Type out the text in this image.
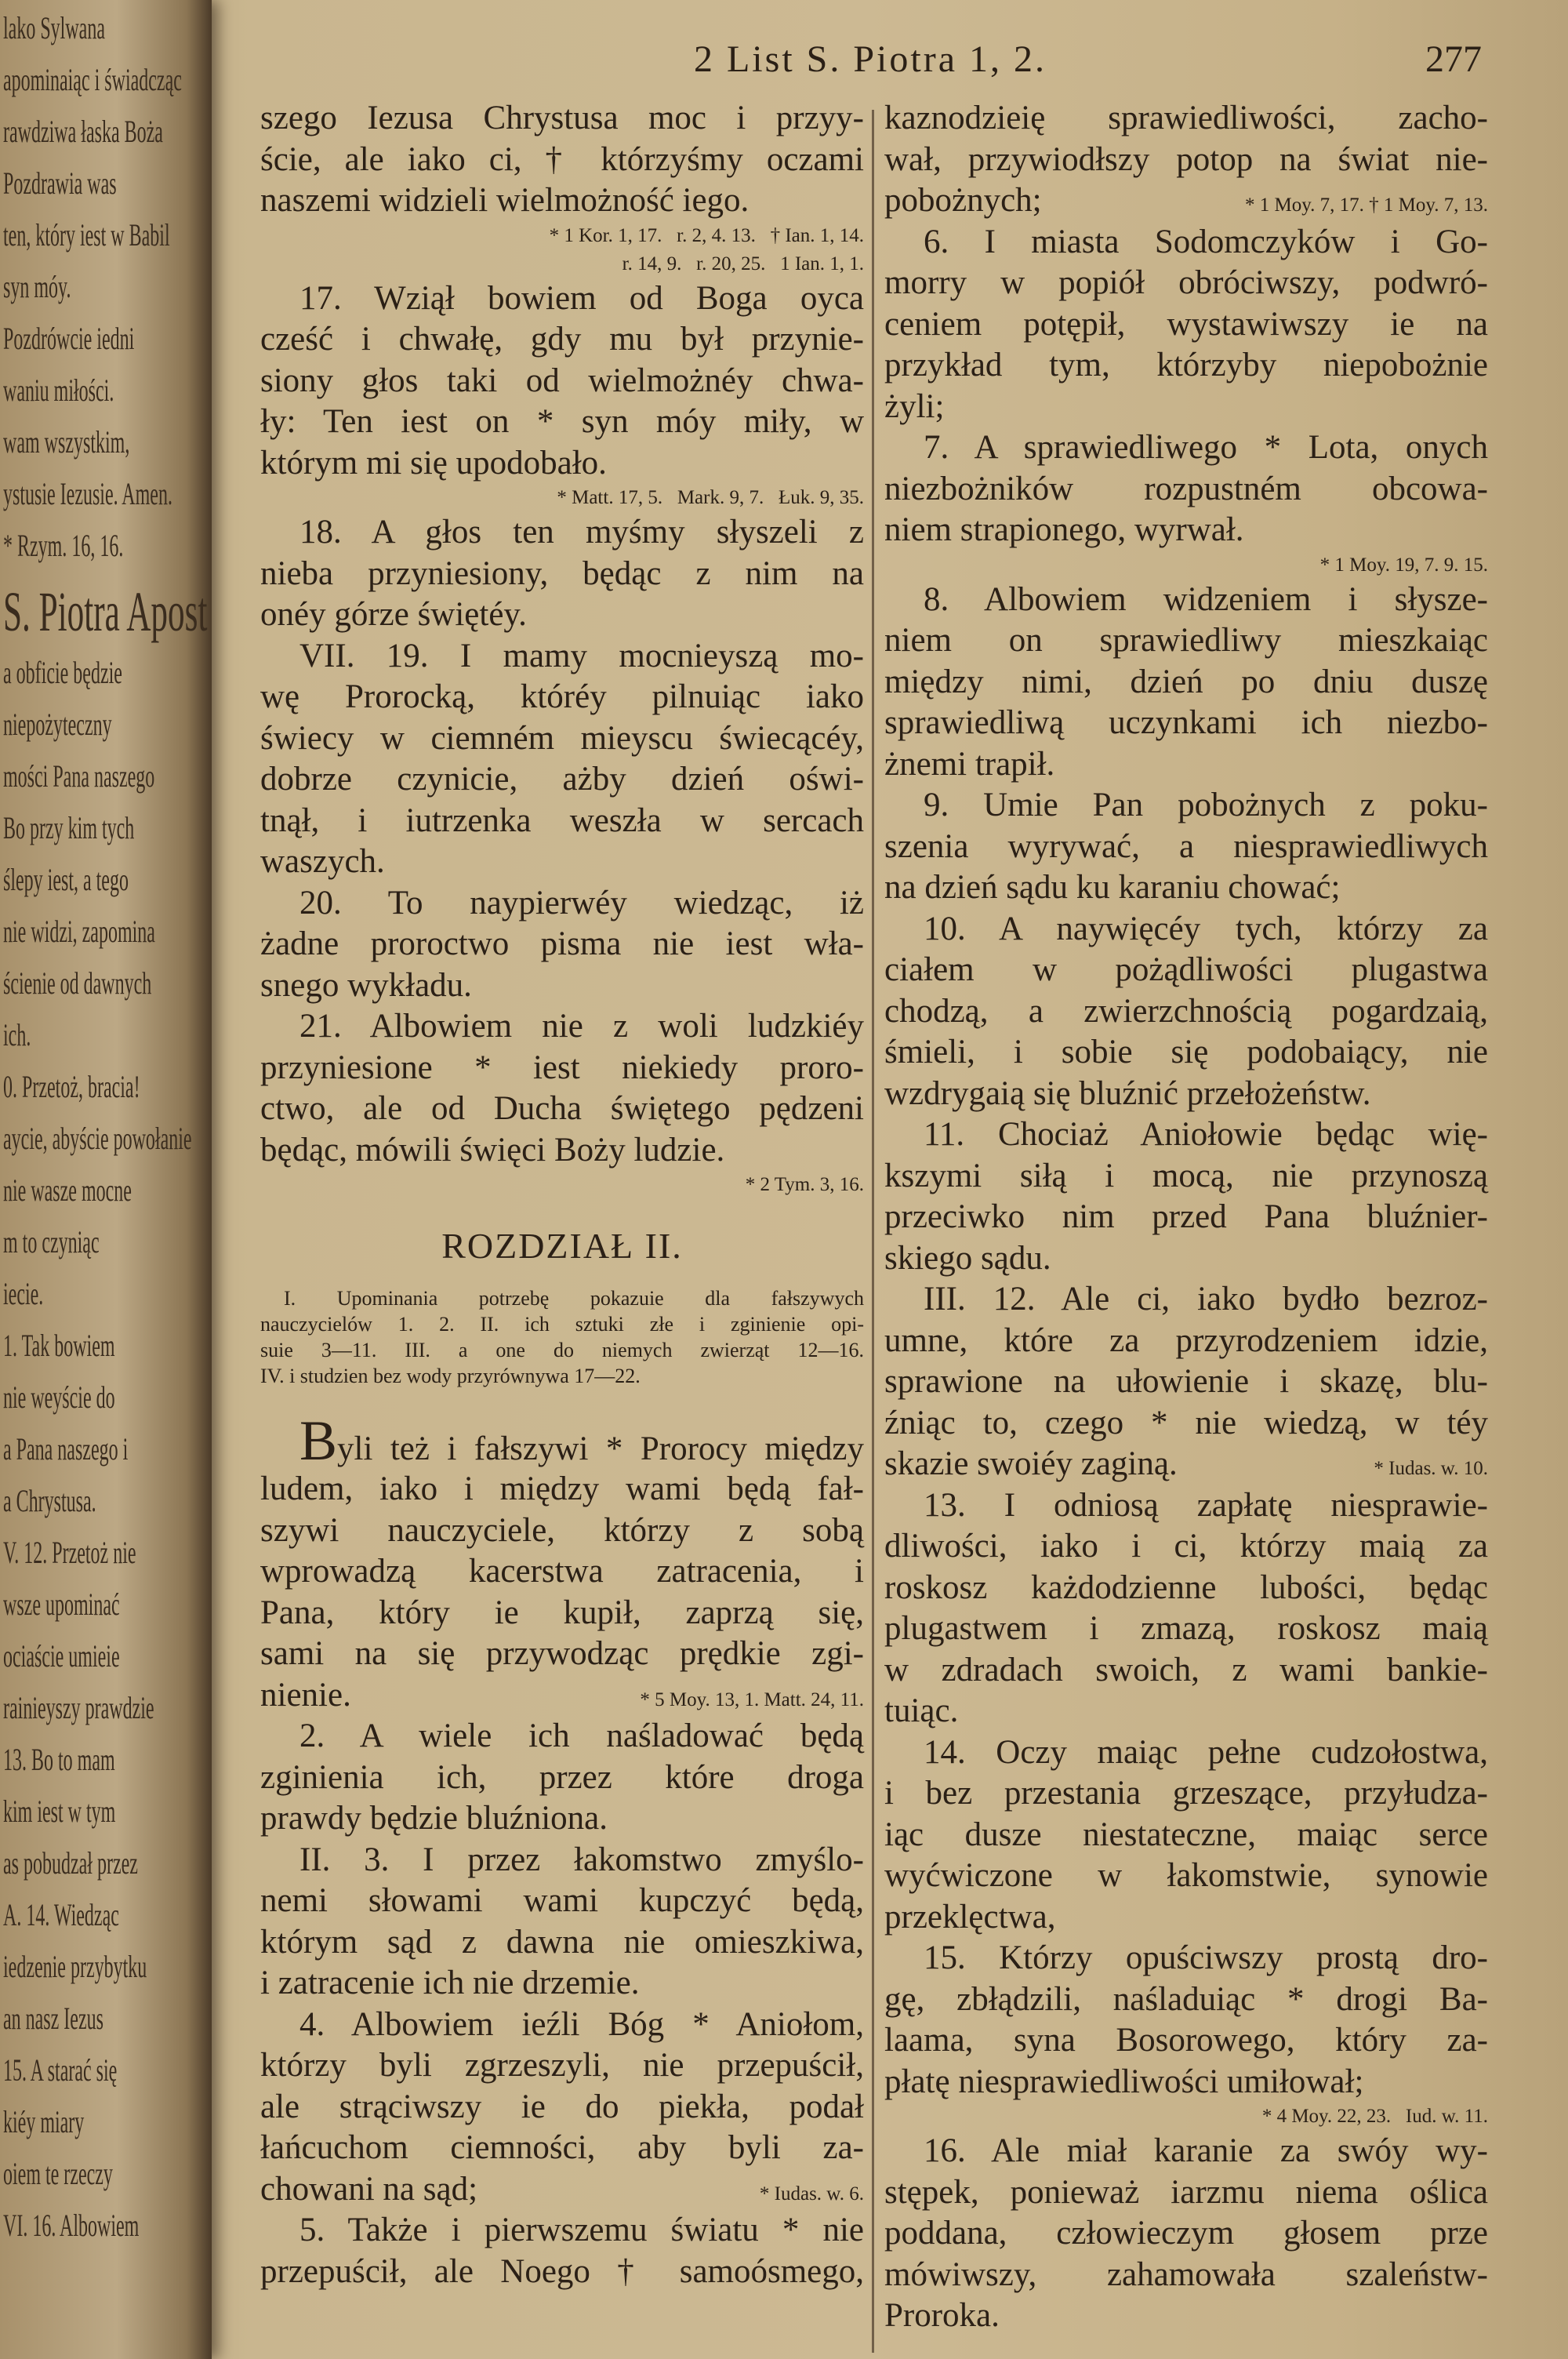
lako Sylwana
apominaiąc i świadcząc
rawdziwa łaska Boża
Pozdrawia was
ten, który iest w Babil
syn móy.
Pozdrówcie iedni
waniu miłości.
wam wszystkim,
ystusie Iezusie. Amen.
* Rzym. 16, 16.
S. Piotra Apost
a obficie będzie
niepożyteczny
mości Pana naszego
Bo przy kim tych
ślepy iest, a tego
nie widzi, zapomina
ścienie od dawnych
ich.
0. Przetoż, bracia!
aycie, abyście powołanie
nie wasze mocne
m to czyniąc
iecie.
1. Tak bowiem
nie weyście do
a Pana naszego i
a Chrystusa.
V. 12. Przetoż nie
wsze upominać
ociaście umieie
rainieyszy prawdzie
13. Bo to mam
kim iest w tym
as pobudzał przez
A. 14. Wiedząc
iedzenie przybytku
an nasz Iezus
15. A starać się
kiéy miary
oiem te rzeczy
VI. 16. Albowiem
2 List S. Piotra 1, 2.	277
szego Iezusa Chrystusa moc i przyy-
ście, ale iako ci, † którzyśmy oczami
naszemi widzieli wielmożność iego.
* 1 Kor. 1, 17.   r. 2, 4. 13.   † Ian. 1, 14.
r. 14, 9.   r. 20, 25.   1 Ian. 1, 1.
17. Wziął bowiem od Boga oyca
cześć i chwałę, gdy mu był przynie-
siony głos taki od wielmożnéy chwa-
ły: Ten iest on * syn móy miły, w
którym mi się upodobało.
* Matt. 17, 5.   Mark. 9, 7.   Łuk. 9, 35.
18. A głos ten myśmy słyszeli z
nieba przyniesiony, będąc z nim na
onéy górze świętéy.
VII. 19. I mamy mocnieyszą mo-
wę Prorocką, któréy pilnuiąc iako
świecy w ciemném mieyscu świecącéy,
dobrze czynicie, ażby dzień oświ-
tnął, i iutrzenka weszła w sercach
waszych.
20. To naypierwéy wiedząc, iż
żadne proroctwo pisma nie iest wła-
snego wykładu.
21. Albowiem nie z woli ludzkiéy
przyniesione * iest niekiedy proro-
ctwo, ale od Ducha świętego pędzeni
będąc, mówili święci Boży ludzie.
* 2 Tym. 3, 16.
ROZDZIAŁ II.
I. Upominania potrzebę pokazuie dla fałszywych
nauczycielów 1. 2. II. ich sztuki złe i zginienie opi-
suie 3—11. III. a one do niemych zwierząt 12—16.
IV. i studzien bez wody przyrównywa 17—22.
Byli też i fałszywi * Prorocy między
ludem, iako i między wami będą fał-
szywi nauczyciele, którzy z sobą
wprowadzą kacerstwa zatracenia, i
Pana, który ie kupił, zaprzą się,
sami na się przywodząc prędkie zgi-
nienie.	* 5 Moy. 13, 1. Matt. 24, 11.
2. A wiele ich naśladować będą
zginienia ich, przez które droga
prawdy będzie bluźniona.
II. 3. I przez łakomstwo zmyślo-
nemi słowami wami kupczyć będą,
którym sąd z dawna nie omieszkiwa,
i zatracenie ich nie drzemie.
4. Albowiem ieźli Bóg * Aniołom,
którzy byli zgrzeszyli, nie przepuścił,
ale strąciwszy ie do piekła, podał
łańcuchom ciemności, aby byli za-
chowani na sąd;	* Iudas. w. 6.
5. Także i pierwszemu światu * nie
przepuścił, ale Noego † samoósmego,
kaznodzieię sprawiedliwości, zacho-
wał, przywiodłszy potop na świat nie-
pobożnych;	* 1 Moy. 7, 17. † 1 Moy. 7, 13.
6. I miasta Sodomczyków i Go-
morry w popiół obróciwszy, podwró-
ceniem potępił, wystawiwszy ie na
przykład tym, którzyby niepobożnie
żyli;
7. A sprawiedliwego * Lota, onych
niezbożników rozpustném obcowa-
niem strapionego, wyrwał.
* 1 Moy. 19, 7. 9. 15.
8. Albowiem widzeniem i słysze-
niem on sprawiedliwy mieszkaiąc
między nimi, dzień po dniu duszę
sprawiedliwą uczynkami ich niezbo-
żnemi trapił.
9. Umie Pan pobożnych z poku-
szenia wyrywać, a niesprawiedliwych
na dzień sądu ku karaniu chować;
10. A naywięcéy tych, którzy za
ciałem w pożądliwości plugastwa
chodzą, a zwierzchnością pogardzaią,
śmieli, i sobie się podobaiący, nie
wzdrygaią się bluźnić przełożeństw.
11. Chociaż Aniołowie będąc wię-
kszymi siłą i mocą, nie przynoszą
przeciwko nim przed Pana bluźnier-
skiego sądu.
III. 12. Ale ci, iako bydło bezroz-
umne, które za przyrodzeniem idzie,
sprawione na ułowienie i skazę, blu-
źniąc to, czego * nie wiedzą, w téy
skazie swoiéy zaginą.	* Iudas. w. 10.
13. I odniosą zapłatę niesprawie-
dliwości, iako i ci, którzy maią za
roskosz każdodzienne lubości, będąc
plugastwem i zmazą, roskosz maią
w zdradach swoich, z wami bankie-
tuiąc.
14. Oczy maiąc pełne cudzołostwa,
i bez przestania grzeszące, przyłudza-
iąc dusze niestateczne, maiąc serce
wyćwiczone w łakomstwie, synowie
przeklęctwa,
15. Którzy opuściwszy prostą dro-
gę, zbłądzili, naśladuiąc * drogi Ba-
laama, syna Bosorowego, który za-
płatę niesprawiedliwości umiłował;
* 4 Moy. 22, 23.   Iud. w. 11.
16. Ale miał karanie za swóy wy-
stępek, ponieważ iarzmu niema oślica
poddana, człowieczym głosem prze
mówiwszy, zahamowała szaleństw-
Proroka.
